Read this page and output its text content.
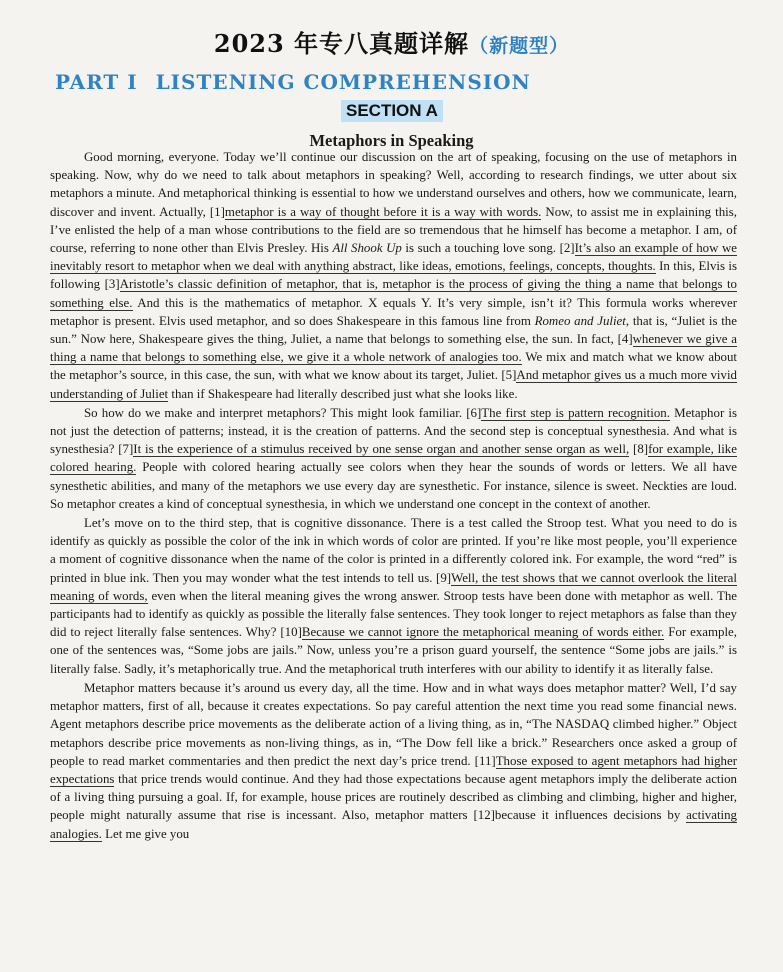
2023 年专八真题详解（新题型）
PART I LISTENING COMPREHENSION
SECTION A
Metaphors in Speaking

Good morning, everyone. Today we’ll continue our discussion on the art of speaking, focusing on the use of metaphors in speaking. Now, why do we need to talk about metaphors in speaking? Well, according to research findings, we utter about six metaphors a minute. And metaphorical thinking is essential to how we understand ourselves and others, how we communicate, learn, discover and invent. Actually, [1]metaphor is a way of thought before it is a way with words. Now, to assist me in explaining this, I’ve enlisted the help of a man whose contributions to the field are so tremendous that he himself has become a metaphor. I am, of course, referring to none other than Elvis Presley. His All Shook Up is such a touching love song. [2]It’s also an example of how we inevitably resort to metaphor when we deal with anything abstract, like ideas, emotions, feelings, concepts, thoughts. In this, Elvis is following [3]Aristotle’s classic definition of metaphor, that is, metaphor is the process of giving the thing a name that belongs to something else. And this is the mathematics of metaphor. X equals Y. It’s very simple, isn’t it? This formula works wherever metaphor is present. Elvis used metaphor, and so does Shakespeare in this famous line from Romeo and Juliet, that is, “Juliet is the sun.” Now here, Shakespeare gives the thing, Juliet, a name that belongs to something else, the sun. In fact, [4]whenever we give a thing a name that belongs to something else, we give it a whole network of analogies too. We mix and match what we know about the metaphor’s source, in this case, the sun, with what we know about its target, Juliet. [5]And metaphor gives us a much more vivid understanding of Juliet than if Shakespeare had literally described just what she looks like.

So how do we make and interpret metaphors? This might look familiar. [6]The first step is pattern recognition. Metaphor is not just the detection of patterns; instead, it is the creation of patterns. And the second step is conceptual synesthesia. And what is synesthesia? [7]It is the experience of a stimulus received by one sense organ and another sense organ as well, [8]for example, like colored hearing. People with colored hearing actually see colors when they hear the sounds of words or letters. We all have synesthetic abilities, and many of the metaphors we use every day are synesthetic. For instance, silence is sweet. Neckties are loud. So metaphor creates a kind of conceptual synesthesia, in which we understand one concept in the context of another.

Let’s move on to the third step, that is cognitive dissonance. There is a test called the Stroop test. What you need to do is identify as quickly as possible the color of the ink in which words of color are printed. If you’re like most people, you’ll experience a moment of cognitive dissonance when the name of the color is printed in a differently colored ink. For example, the word “red” is printed in blue ink. Then you may wonder what the test intends to tell us. [9]Well, the test shows that we cannot overlook the literal meaning of words, even when the literal meaning gives the wrong answer. Stroop tests have been done with metaphor as well. The participants had to identify as quickly as possible the literally false sentences. They took longer to reject metaphors as false than they did to reject literally false sentences. Why? [10]Because we cannot ignore the metaphorical meaning of words either. For example, one of the sentences was, “Some jobs are jails.” Now, unless you’re a prison guard yourself, the sentence “Some jobs are jails.” is literally false. Sadly, it’s metaphorically true. And the metaphorical truth interferes with our ability to identify it as literally false.

Metaphor matters because it’s around us every day, all the time. How and in what ways does metaphor matter? Well, I’d say metaphor matters, first of all, because it creates expectations. So pay careful attention the next time you read some financial news. Agent metaphors describe price movements as the deliberate action of a living thing, as in, “The NASDAQ climbed higher.” Object metaphors describe price movements as non-living things, as in, “The Dow fell like a brick.” Researchers once asked a group of people to read market commentaries and then predict the next day’s price trend. [11]Those exposed to agent metaphors had higher expectations that price trends would continue. And they had those expectations because agent metaphors imply the deliberate action of a living thing pursuing a goal. If, for example, house prices are routinely described as climbing and climbing, higher and higher, people might naturally assume that rise is incessant. Also, metaphor matters [12]because it influences decisions by activating analogies. Let me give you
